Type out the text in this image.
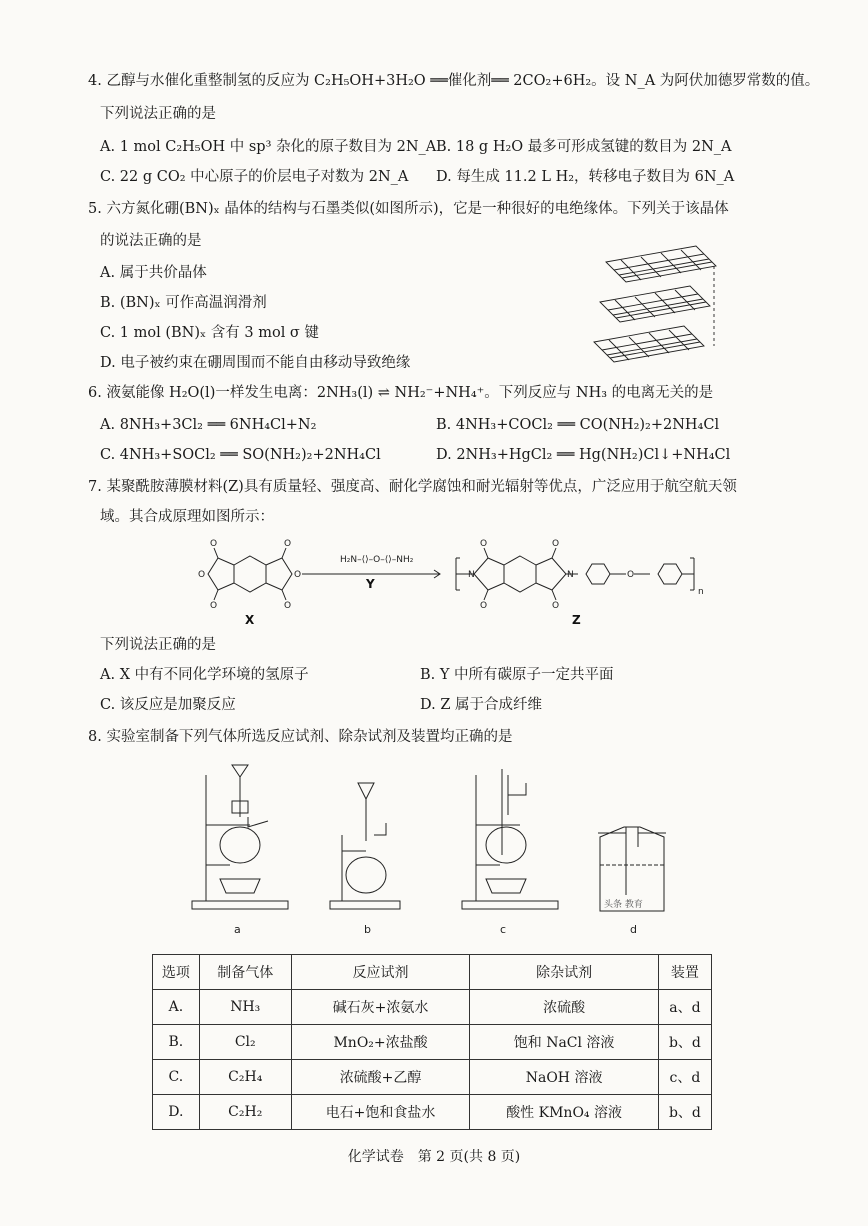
4. 乙醇与水催化重整制氢的反应为 C₂H₅OH+3H₂O ══催化剂══ 2CO₂+6H₂。设 N_A 为阿伏加德罗常数的值。
下列说法正确的是
A. 1 mol C₂H₅OH 中 sp³ 杂化的原子数目为 2N_A B. 18 g H₂O 最多可形成氢键的数目为 2N_A
C. 22 g CO₂ 中心原子的价层电子对数为 2N_A D. 每生成 11.2 L H₂，转移电子数目为 6N_A
5. 六方氮化硼(BN)ₓ 晶体的结构与石墨类似(如图所示)，它是一种很好的电绝缘体。下列关于该晶体
的说法正确的是
A. 属于共价晶体
B. (BN)ₓ 可作高温润滑剂
C. 1 mol (BN)ₓ 含有 3 mol σ 键
D. 电子被约束在硼周围而不能自由移动导致绝缘
6. 液氨能像 H₂O(l)一样发生电离：2NH₃(l) ⇌ NH₂⁻+NH₄⁺。下列反应与 NH₃ 的电离无关的是
A. 8NH₃+3Cl₂ ══ 6NH₄Cl+N₂	B. 4NH₃+COCl₂ ══ CO(NH₂)₂+2NH₄Cl
C. 4NH₃+SOCl₂ ══ SO(NH₂)₂+2NH₄Cl	D. 2NH₃+HgCl₂ ══ Hg(NH₂)Cl↓+NH₄Cl
7. 某聚酰胺薄膜材料(Z)具有质量轻、强度高、耐化学腐蚀和耐光辐射等优点，广泛应用于航空航天领
域。其合成原理如图所示：
O	O
O	O
O	O
O	O
O	O
N	N	O
n
H₂N–⟨⟩–O–⟨⟩–NH₂
X
Y
Z
下列说法正确的是
A. X 中有不同化学环境的氢原子	B. Y 中所有碳原子一定共平面
C. 该反应是加聚反应	D. Z 属于合成纤维
8. 实验室制备下列气体所选反应试剂、除杂试剂及装置均正确的是
a	b	c	d
头条 教育
选项	制备气体	反应试剂	除杂试剂	装置
A.	NH₃	碱石灰+浓氨水	浓硫酸	a、d
B.	Cl₂	MnO₂+浓盐酸	饱和 NaCl 溶液	b、d
C.	C₂H₄	浓硫酸+乙醇	NaOH 溶液	c、d
D.	C₂H₂	电石+饱和食盐水	酸性 KMnO₄ 溶液	b、d
化学试卷　第 2 页(共 8 页)
